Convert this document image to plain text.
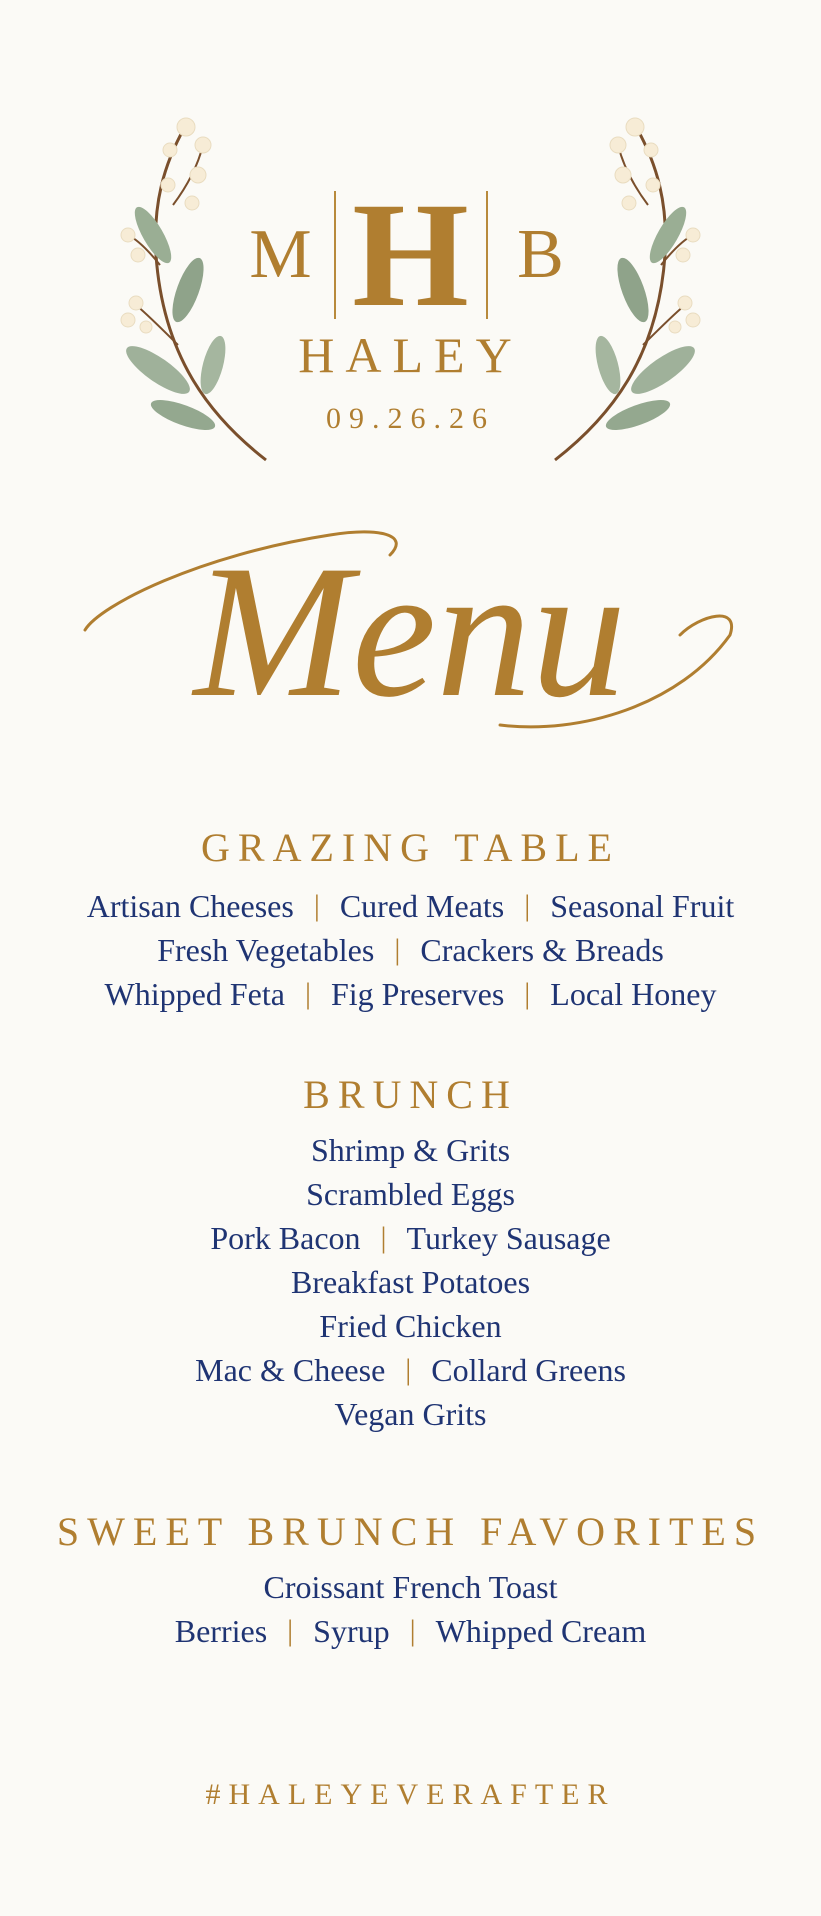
M H B
HALEY
09.26.26
Menu
GRAZING TABLE
Artisan Cheeses | Cured Meats | Seasonal Fruit
Fresh Vegetables | Crackers & Breads
Whipped Feta | Fig Preserves | Local Honey
BRUNCH
Shrimp & Grits
Scrambled Eggs
Pork Bacon | Turkey Sausage
Breakfast Potatoes
Fried Chicken
Mac & Cheese | Collard Greens
Vegan Grits
SWEET BRUNCH FAVORITES
Croissant French Toast
Berries | Syrup | Whipped Cream
#HALEYEVERAFTER
